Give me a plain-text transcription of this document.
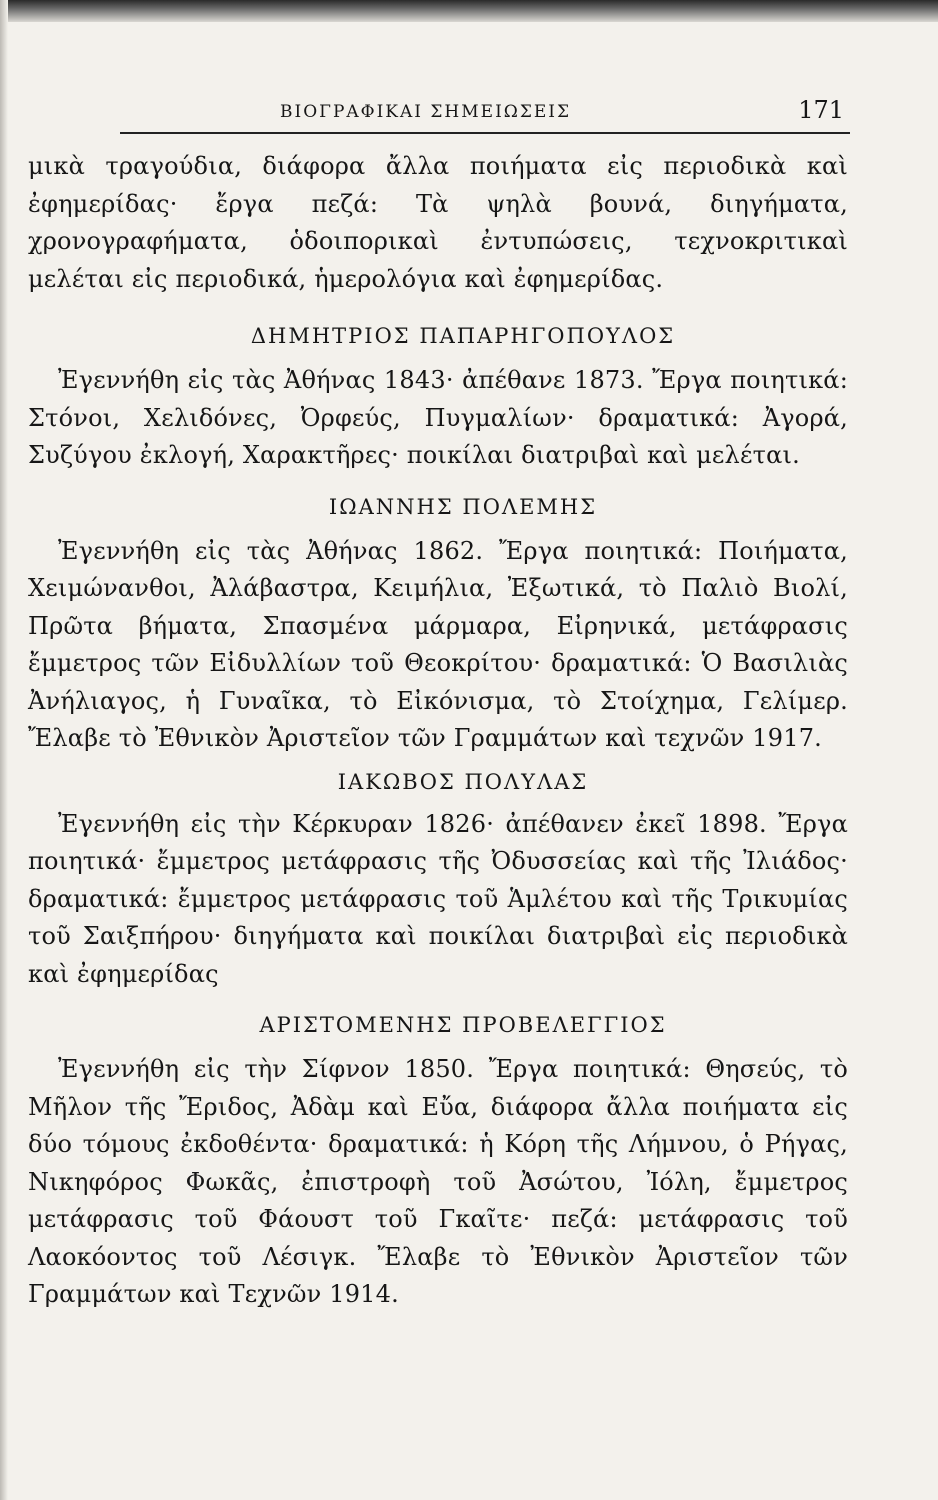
ΒΙΟΓΡΑΦΙΚΑΙ ΣΗΜΕΙΩΣΕΙΣ	171

μικὰ τραγούδια, διάφορα ἄλλα ποιήματα εἰς περιοδικὰ καὶ ἐφημερίδας· ἔργα πεζά: Τὰ ψηλὰ βουνά, διηγήματα, χρονογραφήματα, ὁδοιπορικαὶ ἐντυπώσεις, τεχνοκριτικαὶ μελέται εἰς περιοδικά, ἡμερολόγια καὶ ἐφημερίδας.

ΔΗΜΗΤΡΙΟΣ ΠΑΠΑΡΗΓΟΠΟΥΛΟΣ

Ἐγεννήθη εἰς τὰς Ἀθήνας 1843· ἀπέθανε 1873. Ἔργα ποιητικά: Στόνοι, Χελιδόνες, Ὀρφεύς, Πυγμαλίων· δραματικά: Ἀγορά, Συζύγου ἐκλογή, Χαρακτῆρες· ποικίλαι διατριβαὶ καὶ μελέται.

ΙΩΑΝΝΗΣ ΠΟΛΕΜΗΣ

Ἐγεννήθη εἰς τὰς Ἀθήνας 1862. Ἔργα ποιητικά: Ποιήματα, Χειμώνανθοι, Ἀλάβαστρα, Κειμήλια, Ἐξωτικά, τὸ Παλιὸ Βιολί, Πρῶτα βήματα, Σπασμένα μάρμαρα, Εἰρηνικά, μετάφρασις ἔμμετρος τῶν Εἰδυλλίων τοῦ Θεοκρίτου· δραματικά: Ὁ Βασιλιὰς Ἀνήλιαγος, ἡ Γυναῖκα, τὸ Εἰκόνισμα, τὸ Στοίχημα, Γελίμερ. Ἔλαβε τὸ Ἐθνικὸν Ἀριστεῖον τῶν Γραμμάτων καὶ τεχνῶν 1917.

ΙΑΚΩΒΟΣ ΠΟΛΥΛΑΣ

Ἐγεννήθη εἰς τὴν Κέρκυραν 1826· ἀπέθανεν ἐκεῖ 1898. Ἔργα ποιητικά· ἔμμετρος μετάφρασις τῆς Ὀδυσσείας καὶ τῆς Ἰλιάδος· δραματικά: ἔμμετρος μετάφρασις τοῦ Ἁμλέτου καὶ τῆς Τρικυμίας τοῦ Σαιξπήρου· διηγήματα καὶ ποικίλαι διατριβαὶ εἰς περιοδικὰ καὶ ἐφημερίδας

ΑΡΙΣΤΟΜΕΝΗΣ ΠΡΟΒΕΛΕΓΓΙΟΣ

Ἐγεννήθη εἰς τὴν Σίφνον 1850. Ἔργα ποιητικά: Θησεύς, τὸ Μῆλον τῆς Ἔριδος, Ἀδὰμ καὶ Εὔα, διάφορα ἄλλα ποιήματα εἰς δύο τόμους ἐκδοθέντα· δραματικά: ἡ Κόρη τῆς Λήμνου, ὁ Ρήγας, Νικηφόρος Φωκᾶς, ἐπιστροφὴ τοῦ Ἀσώτου, Ἰόλη, ἔμμετρος μετάφρασις τοῦ Φάουστ τοῦ Γκαῖτε· πεζά: μετάφρασις τοῦ Λαοκόοντος τοῦ Λέσιγκ. Ἔλαβε τὸ Ἐθνικὸν Ἀριστεῖον τῶν Γραμμάτων καὶ Τεχνῶν 1914.
